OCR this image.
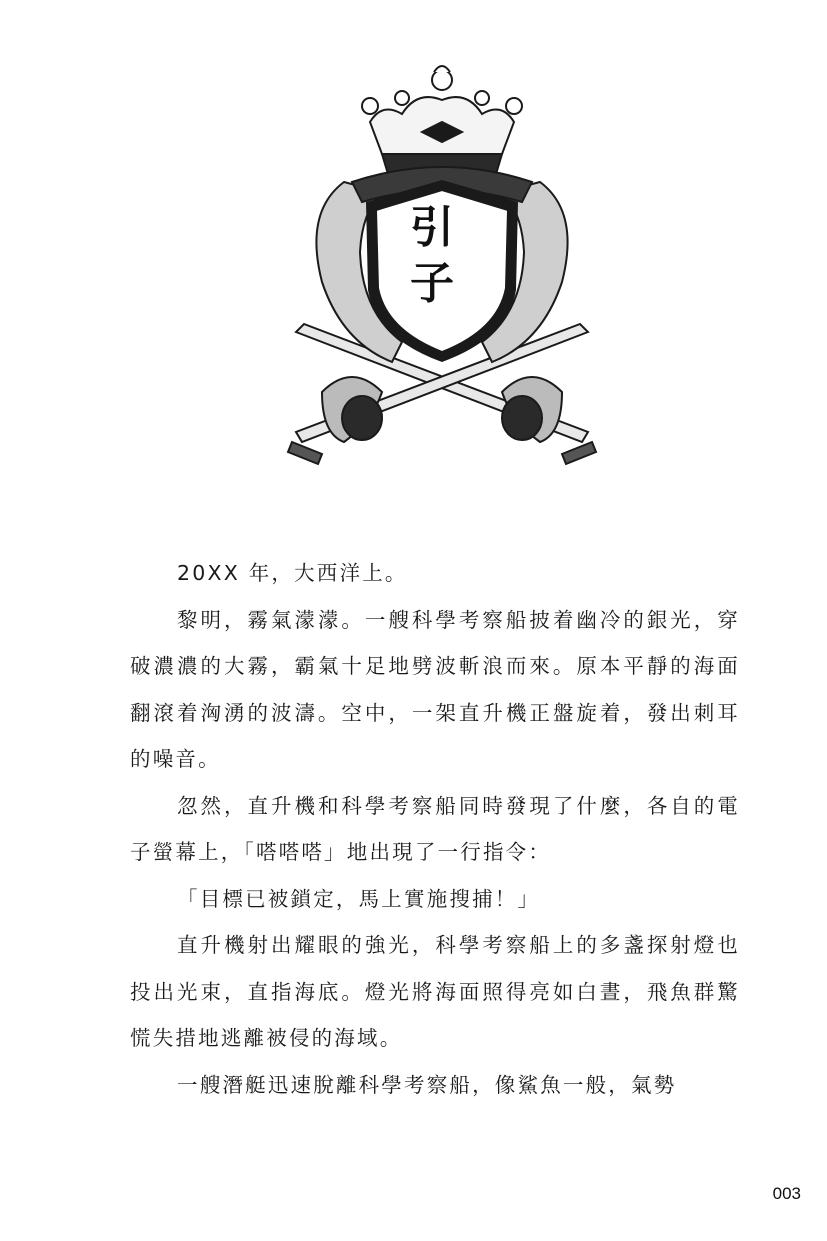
引
子

20XX 年，大西洋上。

黎明，霧氣濛濛。一艘科學考察船披着幽冷的銀光，穿破濃濃的大霧，霸氣十足地劈波斬浪而來。原本平靜的海面翻滾着洶湧的波濤。空中，一架直升機正盤旋着，發出刺耳的噪音。

忽然，直升機和科學考察船同時發現了什麼，各自的電子螢幕上，「嗒嗒嗒」地出現了一行指令：

「目標已被鎖定，馬上實施搜捕！」

直升機射出耀眼的強光，科學考察船上的多盞探射燈也投出光束，直指海底。燈光將海面照得亮如白晝，飛魚群驚慌失措地逃離被侵的海域。

一艘潛艇迅速脫離科學考察船，像鯊魚一般，氣勢

003
